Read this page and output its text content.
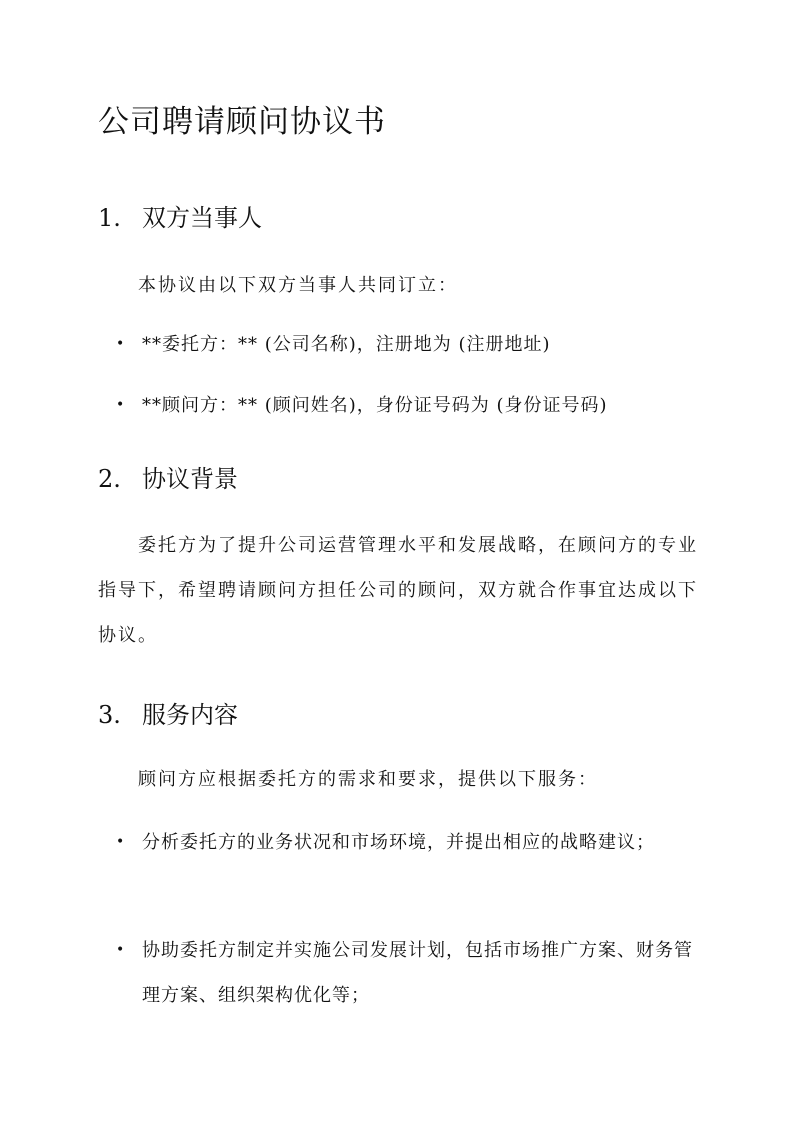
公司聘请顾问协议书
1. 双方当事人

本协议由以下双方当事人共同订立：

• **委托方：** (公司名称)，注册地为 (注册地址)
• **顾问方：** (顾问姓名)，身份证号码为 (身份证号码)
2. 协议背景

委托方为了提升公司运营管理水平和发展战略，在顾问方的专业指导下，希望聘请顾问方担任公司的顾问，双方就合作事宜达成以下协议。

3. 服务内容

顾问方应根据委托方的需求和要求，提供以下服务：

• 分析委托方的业务状况和市场环境，并提出相应的战略建议；
• 协助委托方制定并实施公司发展计划，包括市场推广方案、财务管理方案、组织架构优化等；
